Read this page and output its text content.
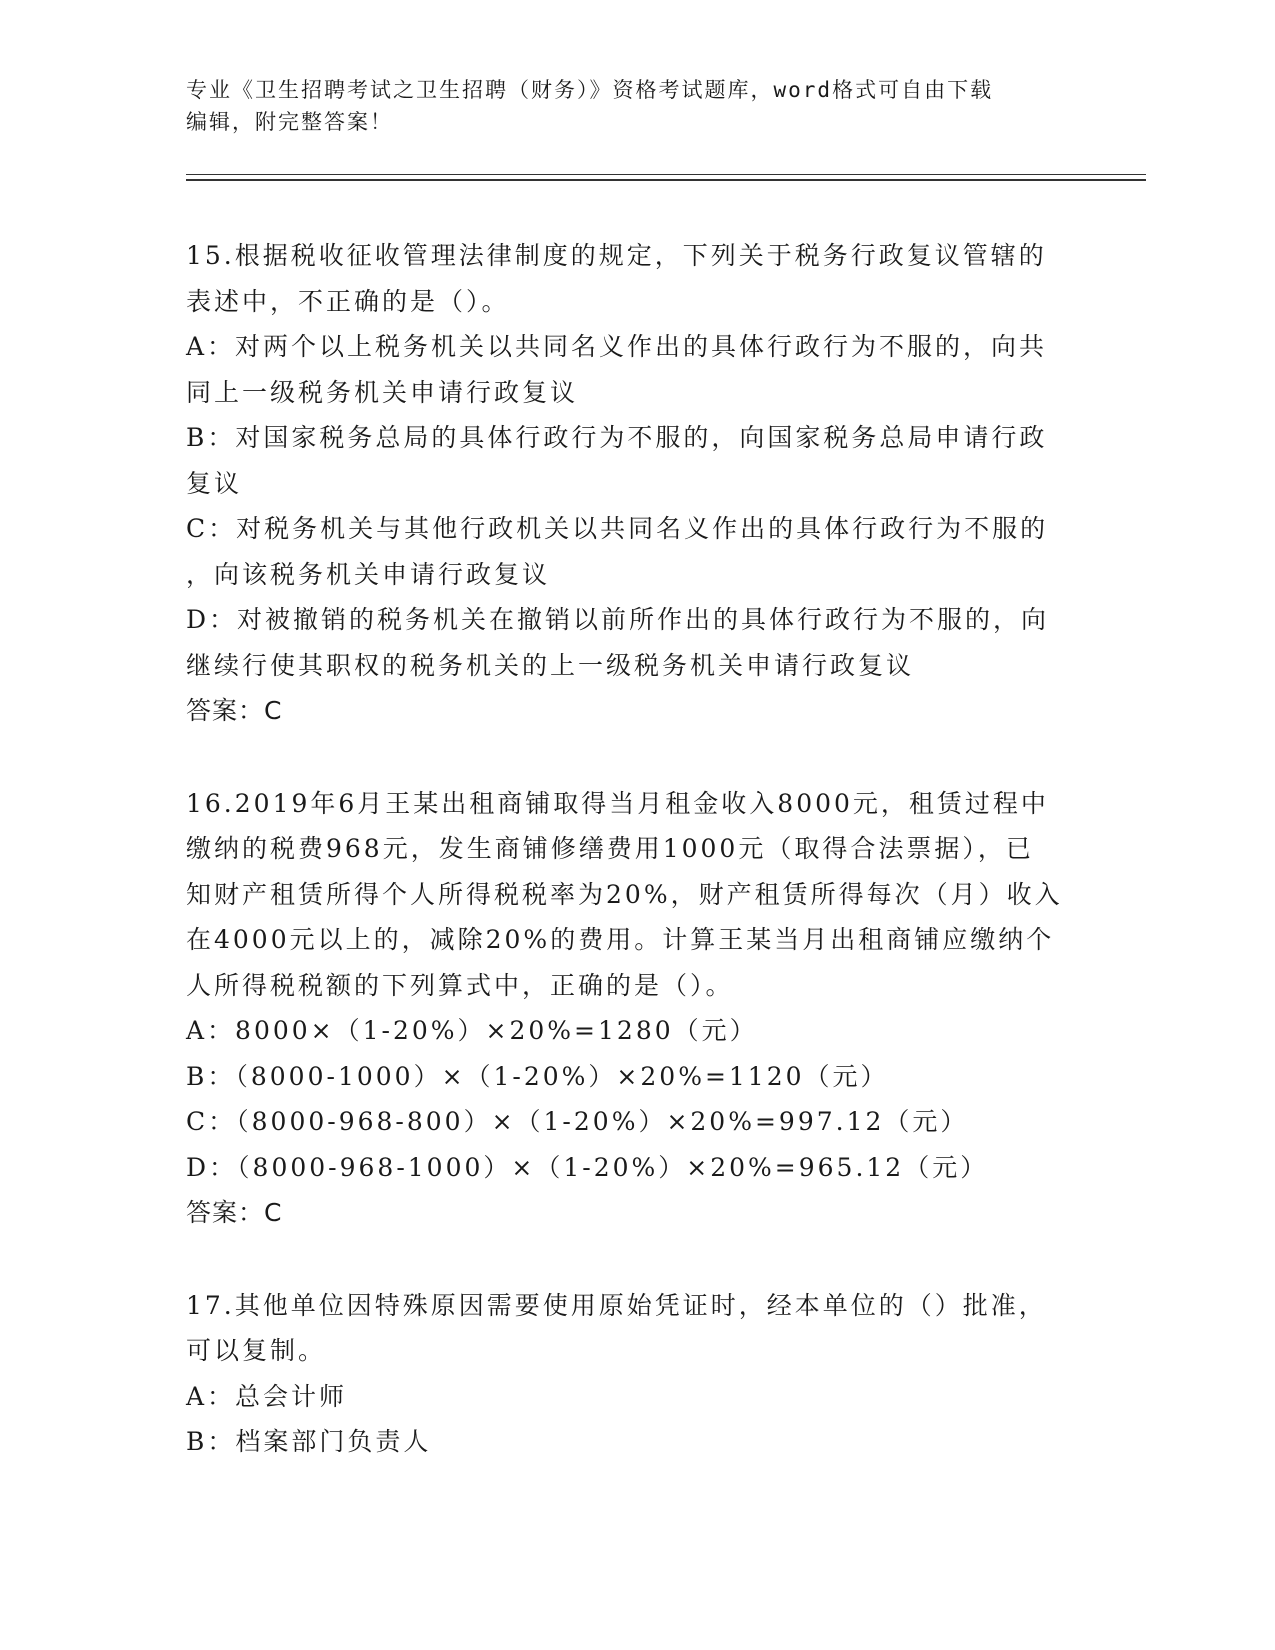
专业《卫生招聘考试之卫生招聘（财务）》资格考试题库，word格式可自由下载
编辑，附完整答案！
15.根据税收征收管理法律制度的规定，下列关于税务行政复议管辖的
表述中，不正确的是（）。
A：对两个以上税务机关以共同名义作出的具体行政行为不服的，向共
同上一级税务机关申请行政复议
B：对国家税务总局的具体行政行为不服的，向国家税务总局申请行政
复议
C：对税务机关与其他行政机关以共同名义作出的具体行政行为不服的
，向该税务机关申请行政复议
D：对被撤销的税务机关在撤销以前所作出的具体行政行为不服的，向
继续行使其职权的税务机关的上一级税务机关申请行政复议
答案：C
16.2019年6月王某出租商铺取得当月租金收入8000元，租赁过程中
缴纳的税费968元，发生商铺修缮费用1000元（取得合法票据），已
知财产租赁所得个人所得税税率为20%，财产租赁所得每次（月）收入
在4000元以上的，减除20%的费用。计算王某当月出租商铺应缴纳个
人所得税税额的下列算式中，正确的是（）。
A：8000×（1-20%）×20%=1280（元）
B：（8000-1000）×（1-20%）×20%=1120（元）
C：（8000-968-800）×（1-20%）×20%=997.12（元）
D：（8000-968-1000）×（1-20%）×20%=965.12（元）
答案：C
17.其他单位因特殊原因需要使用原始凭证时，经本单位的（）批准，
可以复制。
A：总会计师
B：档案部门负责人
